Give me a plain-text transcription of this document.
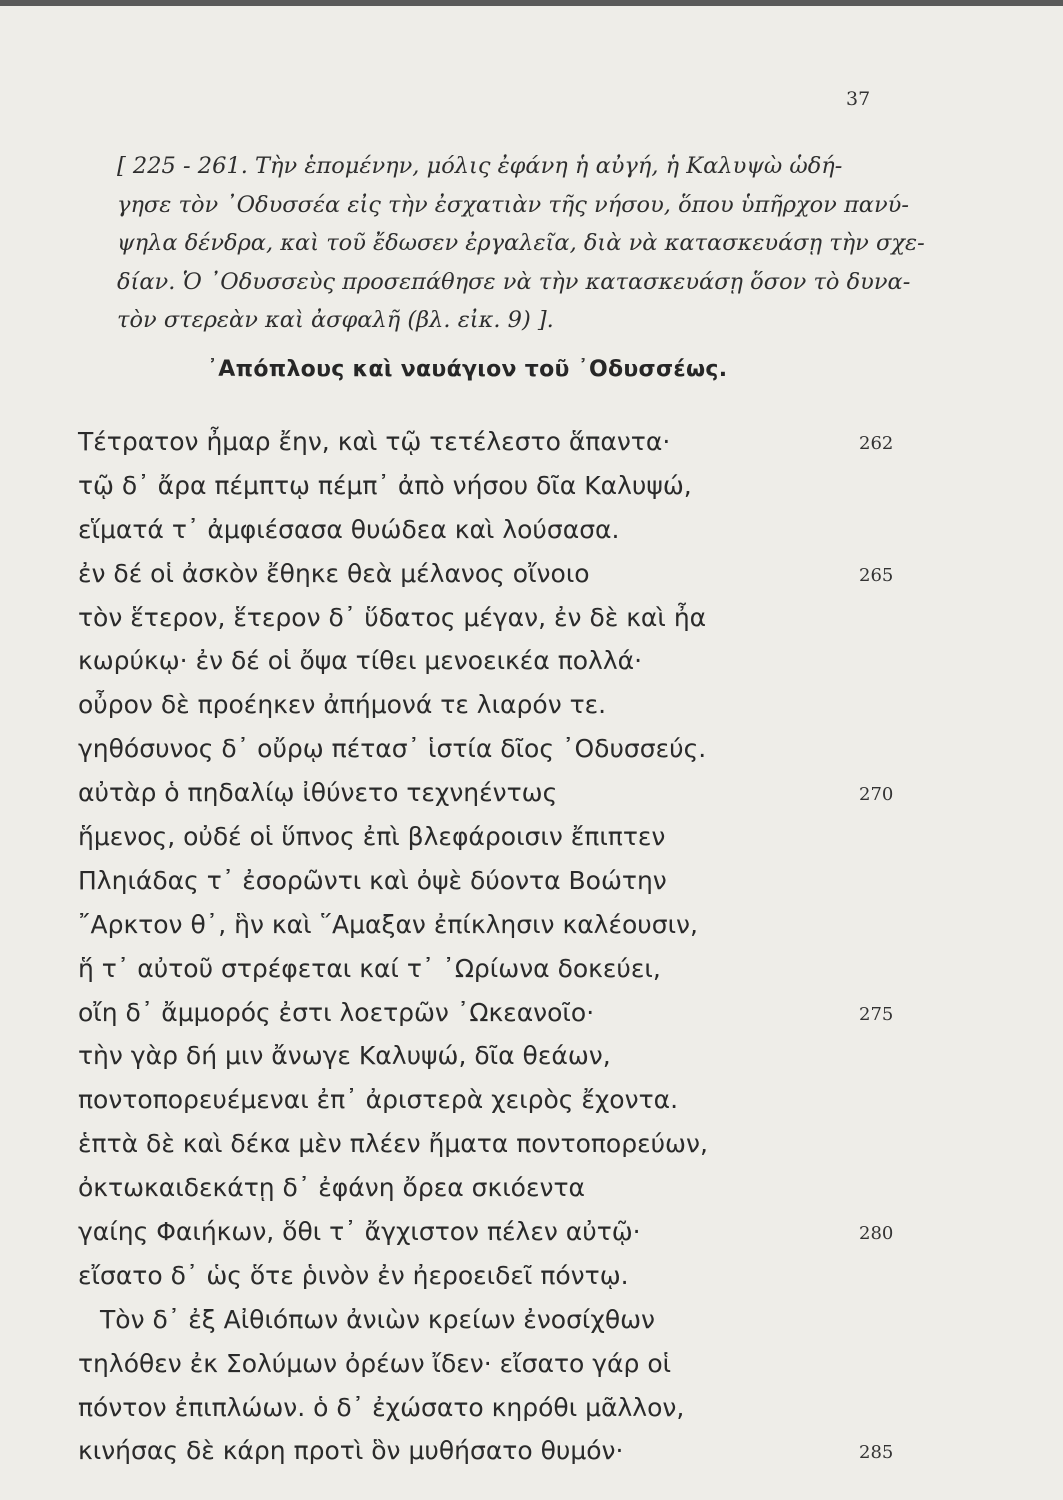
37
[ 225 - 261. Τὴν ἑπομένην, μόλις ἐφάνη ἡ αὐγή, ἡ Καλυψὼ ὡδή-
γησε τὸν ᾿Οδυσσέα εἰς τὴν ἐσχατιὰν τῆς νήσου, ὅπου ὑπῆρχον πανύ-
ψηλα δένδρα, καὶ τοῦ ἔδωσεν ἐργαλεῖα, διὰ νὰ κατασκευάσῃ τὴν σχε-
δίαν. Ὁ ᾿Οδυσσεὺς προσεπάθησε νὰ τὴν κατασκευάσῃ ὅσον τὸ δυνα-
τὸν στερεὰν καὶ ἀσφαλῆ (βλ. εἰκ. 9) ].
᾿Απόπλους καὶ ναυάγιον τοῦ ᾿Οδυσσέως.
Τέτρατον ἦμαρ ἔην, καὶ τῷ τετέλεστο ἅπαντα·	262
τῷ δ᾿ ἄρα πέμπτῳ πέμπ᾿ ἀπὸ νήσου δῖα Καλυψώ,
εἵματά τ᾿ ἀμφιέσασα θυώδεα καὶ λούσασα.
ἐν δέ οἱ ἀσκὸν ἔθηκε θεὰ μέλανος οἴνοιο	265
τὸν ἕτερον, ἕτερον δ᾿ ὕδατος μέγαν, ἐν δὲ καὶ ἦα
κωρύκῳ· ἐν δέ οἱ ὄψα τίθει μενοεικέα πολλά·
οὖρον δὲ προέηκεν ἀπήμονά τε λιαρόν τε.
γηθόσυνος δ᾿ οὔρῳ πέτασ᾿ ἱστία δῖος ᾿Οδυσσεύς.
αὐτὰρ ὁ πηδαλίῳ ἰθύνετο τεχνηέντως	270
ἥμενος, οὐδέ οἱ ὕπνος ἐπὶ βλεφάροισιν ἔπιπτεν
Πληιάδας τ᾿ ἐσορῶντι καὶ ὀψὲ δύοντα Βοώτην
῎Αρκτον θ᾿, ἣν καὶ ῞Αμαξαν ἐπίκλησιν καλέουσιν,
ἥ τ᾿ αὐτοῦ στρέφεται καί τ᾿ ᾿Ωρίωνα δοκεύει,
οἴη δ᾿ ἄμμορός ἐστι λοετρῶν ᾿Ωκεανοῖο·	275
τὴν γὰρ δή μιν ἄνωγε Καλυψώ, δῖα θεάων,
ποντοπορευέμεναι ἐπ᾿ ἀριστερὰ χειρὸς ἔχοντα.
ἑπτὰ δὲ καὶ δέκα μὲν πλέεν ἤματα ποντοπορεύων,
ὀκτωκαιδεκάτῃ δ᾿ ἐφάνη ὄρεα σκιόεντα
γαίης Φαιήκων, ὅθι τ᾿ ἄγχιστον πέλεν αὐτῷ·	280
εἴσατο δ᾿ ὡς ὅτε ῥινὸν ἐν ἠεροειδεῖ πόντῳ.
Τὸν δ᾿ ἐξ Αἰθιόπων ἀνιὼν κρείων ἐνοσίχθων
τηλόθεν ἐκ Σολύμων ὀρέων ἴδεν· εἴσατο γάρ οἱ
πόντον ἐπιπλώων. ὁ δ᾿ ἐχώσατο κηρόθι μᾶλλον,
κινήσας δὲ κάρη προτὶ ὃν μυθήσατο θυμόν·	285
